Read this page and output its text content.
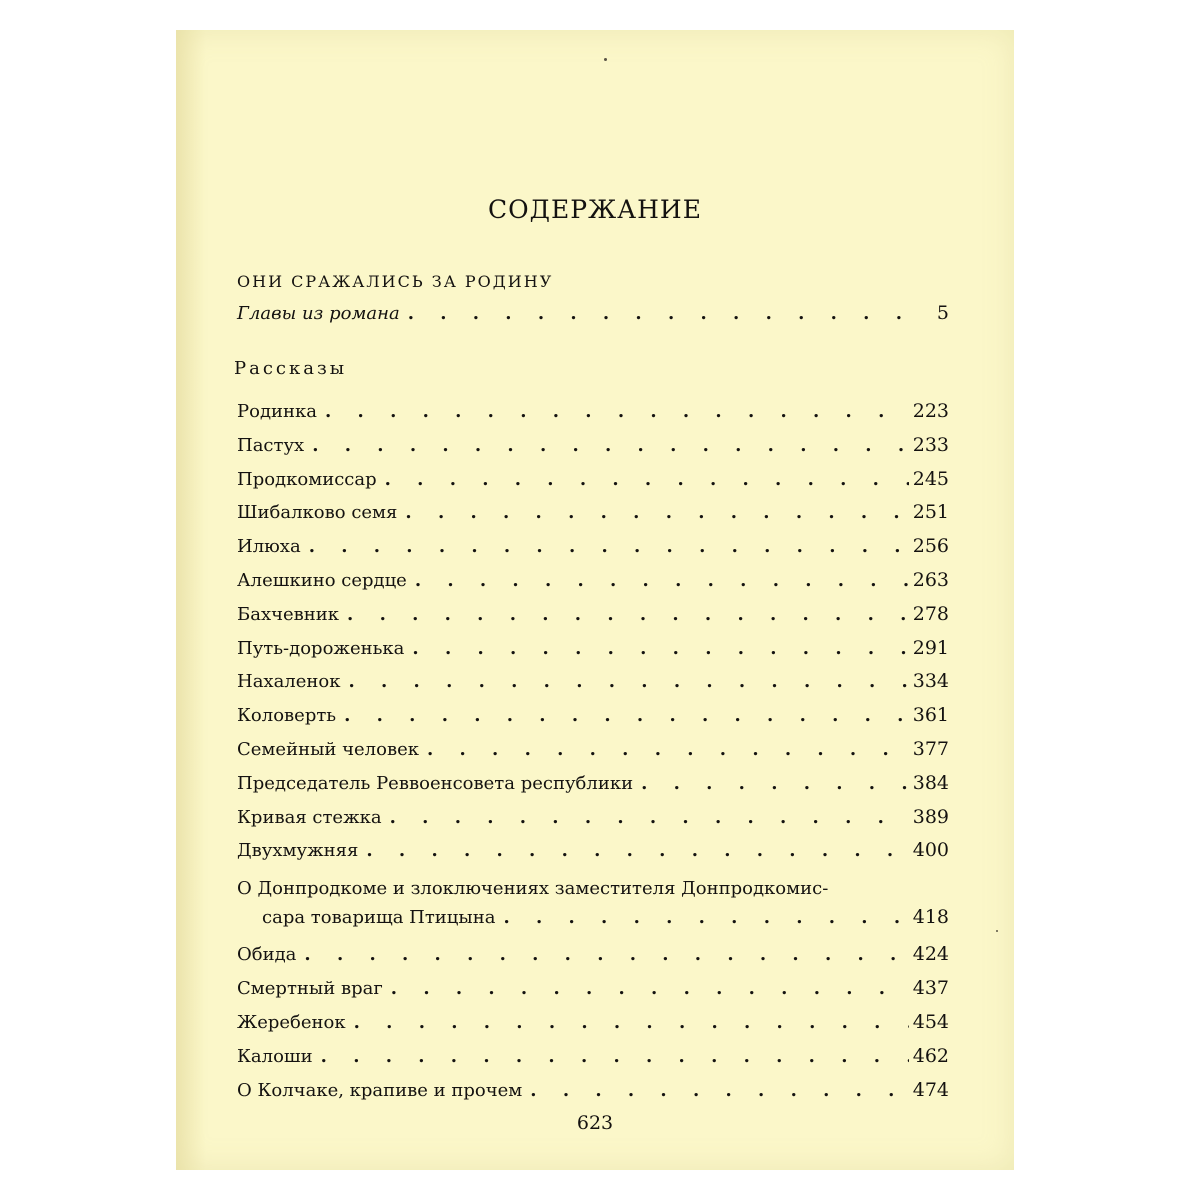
СОДЕРЖАНИЕ
ОНИ СРАЖАЛИСЬ ЗА РОДИНУ
Главы из романа . . .	5
Рассказы
Родинка . . .	223
Пастух . . .	233
Продкомиссар . . .	245
Шибалково семя . . .	251
Илюха . . .	256
Алешкино сердце . . .	263
Бахчевник . . .	278
Путь-дороженька . . .	291
Нахаленок . . .	334
Коловерть . . .	361
Семейный человек . . .	377
Председатель Реввоенсовета республики . . .	384
Кривая стежка . . .	389
Двухмужняя . . .	400
О Донпродкоме и злоключениях заместителя Донпродкомис-
сара товарища Птицына . . .	418
Обида . . .	424
Смертный враг . . .	437
Жеребенок . . .	454
Калоши . . .	462
О Колчаке, крапиве и прочем . . .	474
623
